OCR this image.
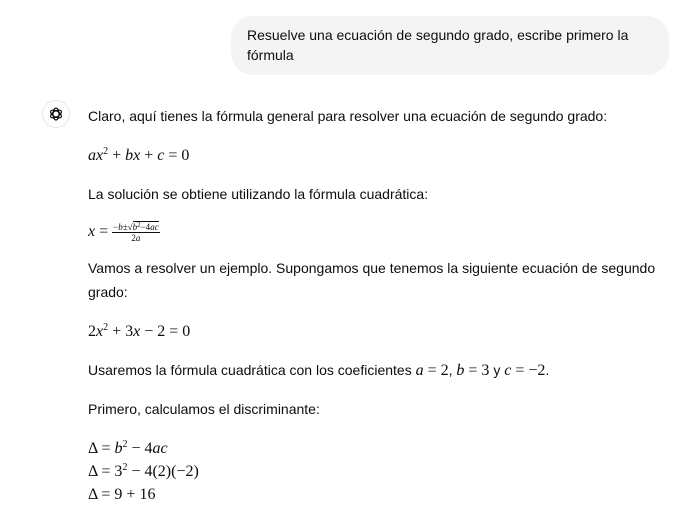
Resuelve una ecuación de segundo grado, escribe primero la fórmula

Claro, aquí tienes la fórmula general para resolver una ecuación de segundo grado:

$ax^2$ + bx + c = 0

La solución se obtiene utilizando la fórmula cuadrática:

$x = \frac{-b\pm√b^2-4ac}{2a}$

Vamos a resolver un ejemplo. Supongamos que tenemos la siguiente ecuación de segundo grado:

$2x^2 + 3x - 2 = 0$

Usaremos la fórmula cuadrática con los coeficientes a = 2, b = 3 y c = −2.

Primero, calculamos el discriminante:

$\Delta = b^2 - 4ac$
$\Delta = 3^2 - 4(2)(-2)$
Δ = 9 + 16
